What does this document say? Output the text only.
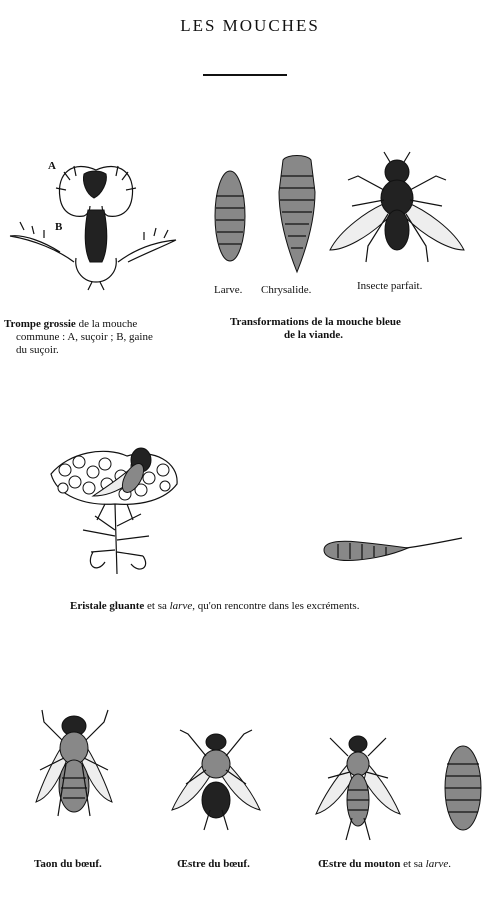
LES MOUCHES
A
B
Trompe grossie de la mouche
commune : A, suçoir ; B, gaine
du suçoir.
Larve. Chrysalide.	Insecte parfait.
Transformations de la mouche bleue
de la viande.
Eristale gluante et sa larve, qu'on rencontre dans les excréments.
Taon du bœuf.	Œstre du bœuf.	Œstre du mouton et sa larve.
